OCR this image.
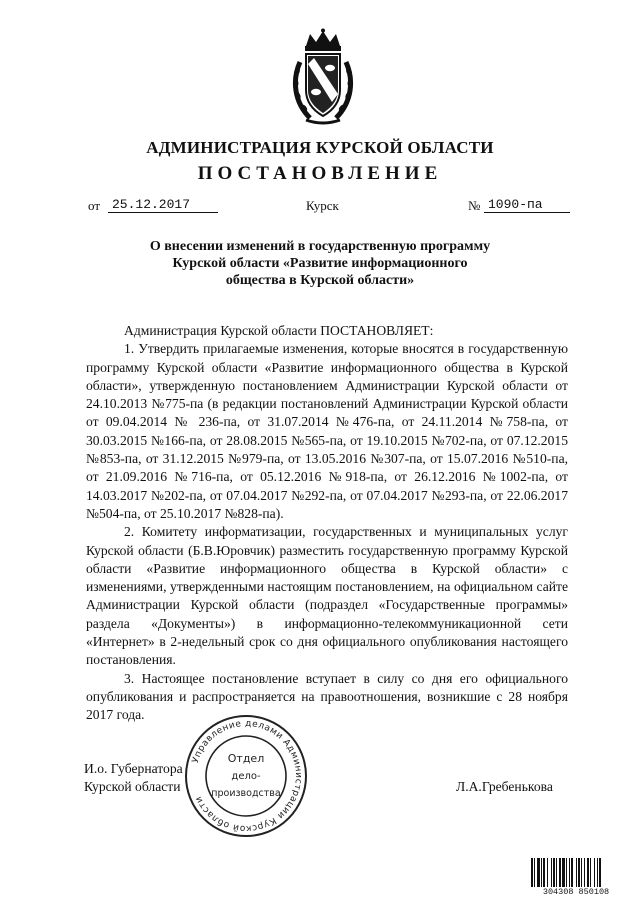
АДМИНИСТРАЦИЯ КУРСКОЙ ОБЛАСТИ
ПОСТАНОВЛЕНИЕ
от 25.12.2017	Курск	№ 1090-па
О внесении изменений в государственную программу
Курской области «Развитие информационного
общества в Курской области»

Администрация Курской области ПОСТАНОВЛЯЕТ:

1. Утвердить прилагаемые изменения, которые вносятся в государственную программу Курской области «Развитие информационного общества в Курской области», утвержденную постановлением Администрации Курской области от 24.10.2013 №775-па (в редакции постановлений Администрации Курской области от 09.04.2014 № 236-па, от 31.07.2014 №476-па, от 24.11.2014 №758-па, от 30.03.2015 №166-па, от 28.08.2015 №565-па, от 19.10.2015 №702-па, от 07.12.2015 №853-па, от 31.12.2015 №979-па, от 13.05.2016 №307-па, от 15.07.2016 №510-па, от 21.09.2016 №716-па, от 05.12.2016 №918-па, от 26.12.2016 №1002-па, от 14.03.2017 №202-па, от 07.04.2017 №292-па, от 07.04.2017 №293-па, от 22.06.2017 №504-па, от 25.10.2017 №828-па).

2. Комитету информатизации, государственных и муниципальных услуг Курской области (Б.В.Юровчик) разместить государственную программу Курской области «Развитие информационного общества в Курской области» с изменениями, утвержденными настоящим постановлением, на официальном сайте Администрации Курской области (подраздел «Государственные программы» раздела «Документы») в информационно-телекоммуникационной сети «Интернет» в 2-недельный срок со дня официального опубликования настоящего постановления.

3. Настоящее постановление вступает в силу со дня его официального опубликования и распространяется на правоотношения, возникшие с 28 ноября 2017 года.

И.о. Губернатора
Курской области	Л.А.Гребенькова
Управление делами Администрации Курской области
Отдел
дело-
производства
304308 850108
